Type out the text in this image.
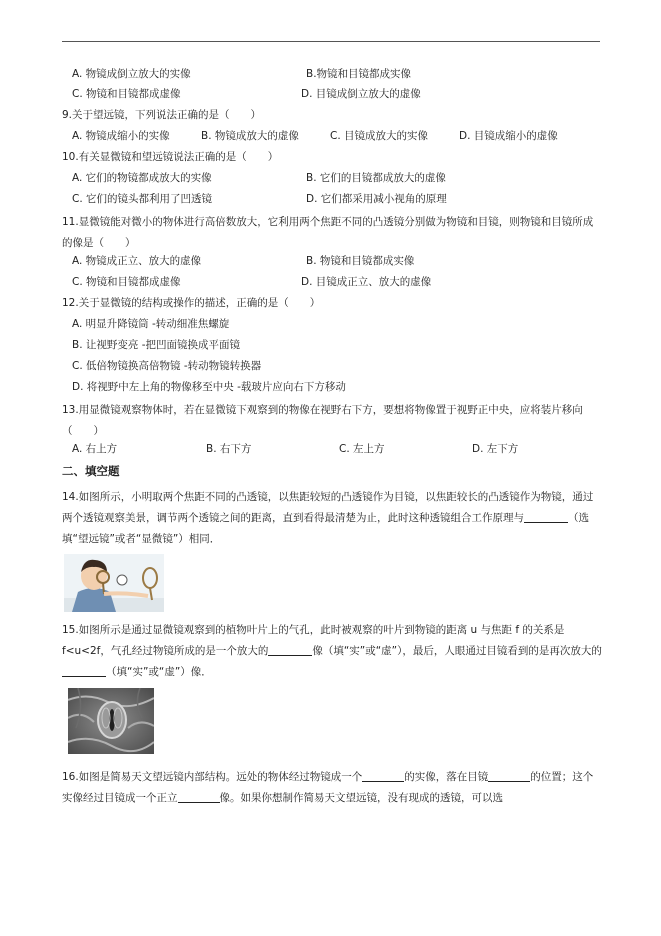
A. 物镜成倒立放大的实像	B.物镜和目镜都成实像
C. 物镜和目镜都成虚像	D. 目镜成倒立放大的虚像
9.关于望远镜，下列说法正确的是（　　）
A. 物镜成缩小的实像	B. 物镜成放大的虚像	C. 目镜成放大的实像	D. 目镜成缩小的虚像
10.有关显微镜和望远镜说法正确的是（　　）
A. 它们的物镜都成放大的实像	B. 它们的目镜都成放大的虚像
C. 它们的镜头都利用了凹透镜	D. 它们都采用减小视角的原理
11.显微镜能对微小的物体进行高倍数放大，它利用两个焦距不同的凸透镜分别做为物镜和目镜，则物镜和目镜所成的像是（　　）
A. 物镜成正立、放大的虚像	B. 物镜和目镜都成实像
C. 物镜和目镜都成虚像	D. 目镜成正立、放大的虚像
12.关于显微镜的结构或操作的描述，正确的是（　　）
A. 明显升降镜筒 -转动细准焦螺旋
B. 让视野变亮 -把凹面镜换成平面镜
C. 低倍物镜换高倍物镜 -转动物镜转换器
D. 将视野中左上角的物像移至中央 -载玻片应向右下方移动
13.用显微镜观察物体时，若在显微镜下观察到的物像在视野右下方，要想将物像置于视野正中央，应将装片移向（　　）
A. 右上方	B. 右下方	C. 左上方	D. 左下方
二、填空题
14.如图所示，小明取两个焦距不同的凸透镜，以焦距较短的凸透镜作为目镜，以焦距较长的凸透镜作为物镜，通过两个透镜观察美景，调节两个透镜之间的距离，直到看得最清楚为止，此时这种透镜组合工作原理与	（选填“望远镜”或者“显微镜”）相同．
15.如图所示是通过显微镜观察到的植物叶片上的气孔，此时被观察的叶片到物镜的距离 u 与焦距 f 的关系是 f<u<2f，气孔经过物镜所成的是一个放大的	像（填“实”或“虚”），最后，人眼通过目镜看到的是再次放大的（填“实”或“虚”）像．
16.如图是简易天文望远镜内部结构。远处的物体经过物镜成一个	的实像，落在目镜	的位置；这个实像经过目镜成一个正立	像。如果你想制作简易天文望远镜，没有现成的透镜，可以选
